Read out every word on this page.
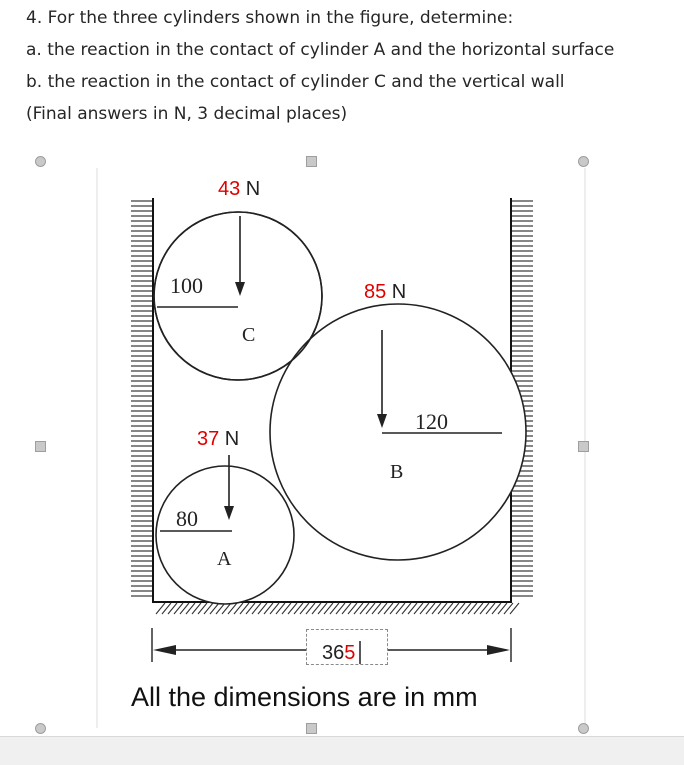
4. For the three cylinders shown in the figure, determine:

a. the reaction in the contact of cylinder A and the horizontal surface

b. the reaction in the contact of cylinder C and the vertical wall

(Final answers in N, 3 decimal places)

C
B
A
100
120
80
43 N
85 N
37 N
365
All the dimensions are in mm
